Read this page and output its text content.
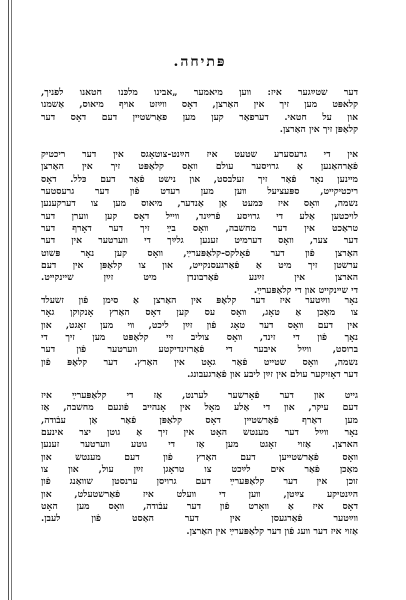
פּתיחה.
דער שטײַגער איז: װען מיאמער „אבינו מלכּנו חטאנו לפניך,
קלאפּט מען זיך אין האַרצן, דאָס װײַזט אױף מיאוס, אַשמנו
און על חטאי. דערפאַר קען מען פאַרשטײן דעם דאָס דער
קלאַפּן זיך אין האַרצן.
אין די גרעסערע שטעט איז הײַנט-צוטאָגס אין דער ריכטיק
פֿאַרהאַנען אַ גרויסער עולם װאָס קלאַפּט זיך אין האַרצן
מײנען נאָר פֿאַר זיך זעלבסט, און נישט פֿאַר דעם כּלל. דאָס
ריכטיקײט, ספּעציעל װען מען רעדט פֿון דער גרעסטער
נשמה, װאָס איז כּמעט אַן אַנדער, מיאוס מען צו דערקענען
לויכטען אַלע די גרויסע פֿרײַנד, װײל דאָס קען ווערן דער
טראַכט אין דער מחשבה, װאָס בײַ זיך דער דאָרף דער
דער צער, װאָס דערמיט זענען גלײַך די ווערטער אין דער
האַרצן פֿון דער פֿאָלקס-קלאַפּערײַ, װאָס קען נאָר פּשוט
ערשטן זיך מיט אַ פֿאַרגעסנקײט, און צו קלאַפּן אין דעם
הארצן אין זײַנע פֿאַרבונדן מיט זײַן שײנקײט.
די שײנקײט און די קלאַפּערײַ.
נאָר ווײַטער איז דער קלאָפּ אין האַרצן אַ סימן פֿון זשעלד
צו מאַכן אַ טאָג, װאָס עס קען דאָס האַרץ אָנקוקן גאָר
אין דעם וואָס דער טאָג פֿון זײַן ליכט, װי מען זאָגט, און
נאָך פֿון די זינד, װאָס צוליב זײ קלאַפּט מען זיך די
ברוסט, ווײַל איבער די פֿאַרזינדיקטע ווערטער פֿון דער
נשמה, װאָס שטײט פֿאַר גאָט אין האַרץ. דער קלאָפּ פֿון
דער דאָזיקער עולם אין זײַן ליבע און פֿאַרגעבונג.
גײט און דער פֿאָרשער לערנט, אַז די קלאַפּערײַ איז
דעם עיקר, און די אַלע מאָל אין אָנהײב פֿונעם מחשבה, אַז
מען דאַרף פֿאַרשטײן דאָס קלאַפּן פֿאַר אַן עבֿודה,
נאָר ווײַל דער מענטש האָט אין זיך אַ גוטן יצר אינעם
הארצן. אַזוי זאָגט מען אַז די גוטע ווערטער זענען
װאָס פֿאַרשטײען דעם האַרץ פֿון דעם מענטש און
מאַכן פֿאַר אים לײַכט צו טראָגן זײַן עול, און צו
זוכן אין דער קלאַפּערײַ דעם גרויסן ערנסטן שוואַנג פֿון
הײַנטיקע צײַטן, װען די װעלט איז פֿאַרשטעלט, און
דאָס איז אַ װאָרט פֿון דער עבֿודה, װאָס מען האָט
װײַטער פֿאַרגעסן אין דער האַסט פֿון לעבן.
אַזוי איז דער װעג פֿון דער קלאַפּערײַ אין האַרצן.
